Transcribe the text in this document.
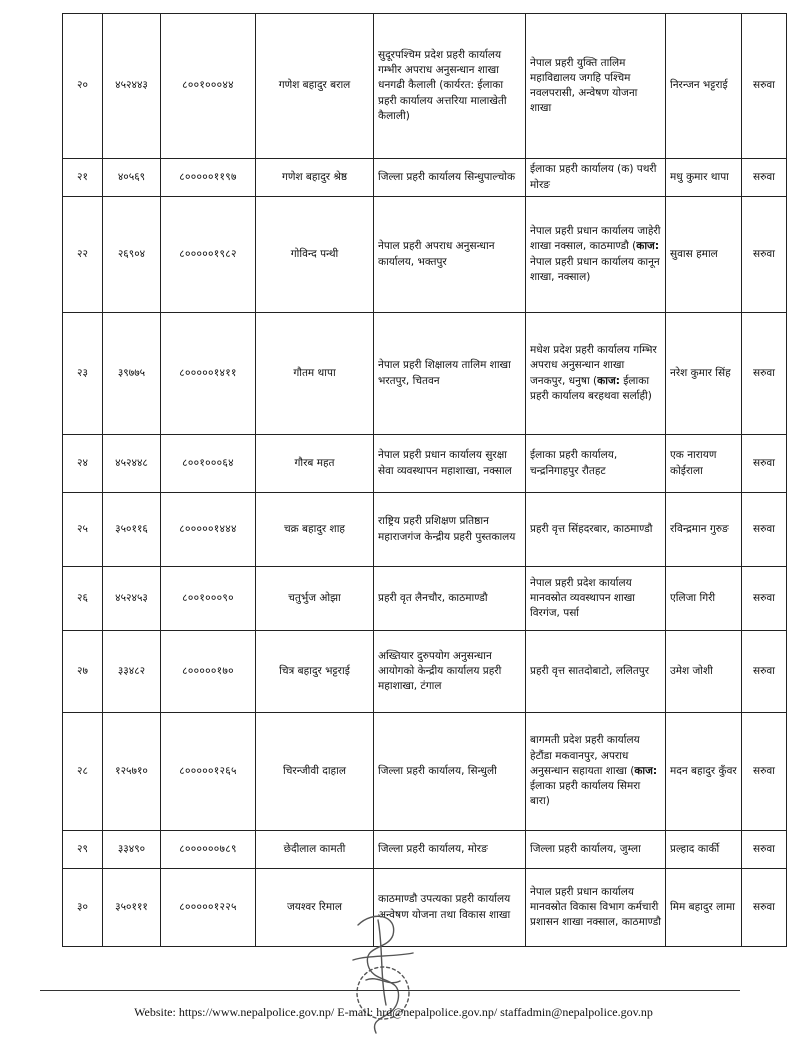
२०	४५२४४३	८००१०००४४	गणेश बहादुर बराल	सुदूरपश्चिम प्रदेश प्रहरी कार्यालय गम्भीर अपराध अनुसन्धान शाखा धनगढी कैलाली (कार्यरत: ईलाका प्रहरी कार्यालय अत्तरिया मालाखेती कैलाली)	नेपाल प्रहरी युक्ति तालिम महाविद्यालय जगहि पश्चिम नवलपरासी, अन्वेषण योजना शाखा	निरन्जन भट्टराई	सरुवा
२१	४०५६९	८०००००११९७	गणेश बहादुर श्रेष्ठ	जिल्ला प्रहरी कार्यालय सिन्धुपाल्चोक	ईलाका प्रहरी कार्यालय (क) पथरी मोरङ	मधु कुमार थापा	सरुवा
२२	२६९०४	८०००००१९८२	गोविन्द पन्थी	नेपाल प्रहरी अपराध अनुसन्धान कार्यालय, भक्तपुर	नेपाल प्रहरी प्रधान कार्यालय जाहेरी शाखा नक्साल, काठमाण्डौ (काज: नेपाल प्रहरी प्रधान कार्यालय कानून शाखा, नक्साल)	सुवास हमाल	सरुवा
२३	३९७७५	८०००००१४११	गौतम थापा	नेपाल प्रहरी शिक्षालय तालिम शाखा भरतपुर, चितवन	मधेश प्रदेश प्रहरी कार्यालय गम्भिर अपराध अनुसन्धान शाखा जनकपुर, धनुषा (काज: ईलाका प्रहरी कार्यालय बरहथवा सर्लाही)	नरेश कुमार सिंह	सरुवा
२४	४५२४४८	८००१०००६४	गौरब महत	नेपाल प्रहरी प्रधान कार्यालय सुरक्षा सेवा व्यवस्थापन महाशाखा, नक्साल	ईलाका प्रहरी कार्यालय, चन्द्रनिगाहपुर रौतहट	एक नारायण कोईराला	सरुवा
२५	३५०११६	८०००००१४४४	चक्र बहादुर शाह	राष्ट्रिय प्रहरी प्रशिक्षण प्रतिष्ठान महाराजगंज केन्द्रीय प्रहरी पुस्तकालय	प्रहरी वृत्त सिंहदरबार, काठमाण्डौ	रविन्द्रमान गुरुङ	सरुवा
२६	४५२४५३	८००१०००९०	चतुर्भुज ओझा	प्रहरी वृत लैनचौर, काठमाण्डौ	नेपाल प्रहरी प्रदेश कार्यालय मानवस्रोत व्यवस्थापन शाखा विरगंज, पर्सा	एलिजा गिरी	सरुवा
२७	३३४८२	८०००००१७०	चित्र बहादुर भट्टराई	अख्तियार दुरुपयोग अनुसन्धान आयोगको केन्द्रीय कार्यालय प्रहरी महाशाखा, टंगाल	प्रहरी वृत्त सातदोबाटो, ललितपुर	उमेश जोशी	सरुवा
२८	१२५७१०	८०००००१२६५	चिरन्जीवी दाहाल	जिल्ला प्रहरी कार्यालय, सिन्धुली	बागमती प्रदेश प्रहरी कार्यालय हेटौंडा मकवानपुर, अपराध अनुसन्धान सहायता शाखा (काज: ईलाका प्रहरी कार्यालय सिमरा बारा)	मदन बहादुर कुँवर	सरुवा
२९	३३४९०	८००००००७८९	छेदीलाल कामती	जिल्ला प्रहरी कार्यालय, मोरङ	जिल्ला प्रहरी कार्यालय, जुम्ला	प्रल्हाद कार्की	सरुवा
३०	३५०१११	८०००००१२२५	जयश्वर रिमाल	काठमाण्डौ उपत्यका प्रहरी कार्यालय अन्वेषण योजना तथा विकास शाखा	नेपाल प्रहरी प्रधान कार्यालय मानवस्रोत विकास विभाग कर्मचारी प्रशासन शाखा नक्साल, काठमाण्डौ	मिम बहादुर लामा	सरुवा
Website: https://www.nepalpolice.gov.np/ E-mail: hrd@nepalpolice.gov.np/ staffadmin@nepalpolice.gov.np
